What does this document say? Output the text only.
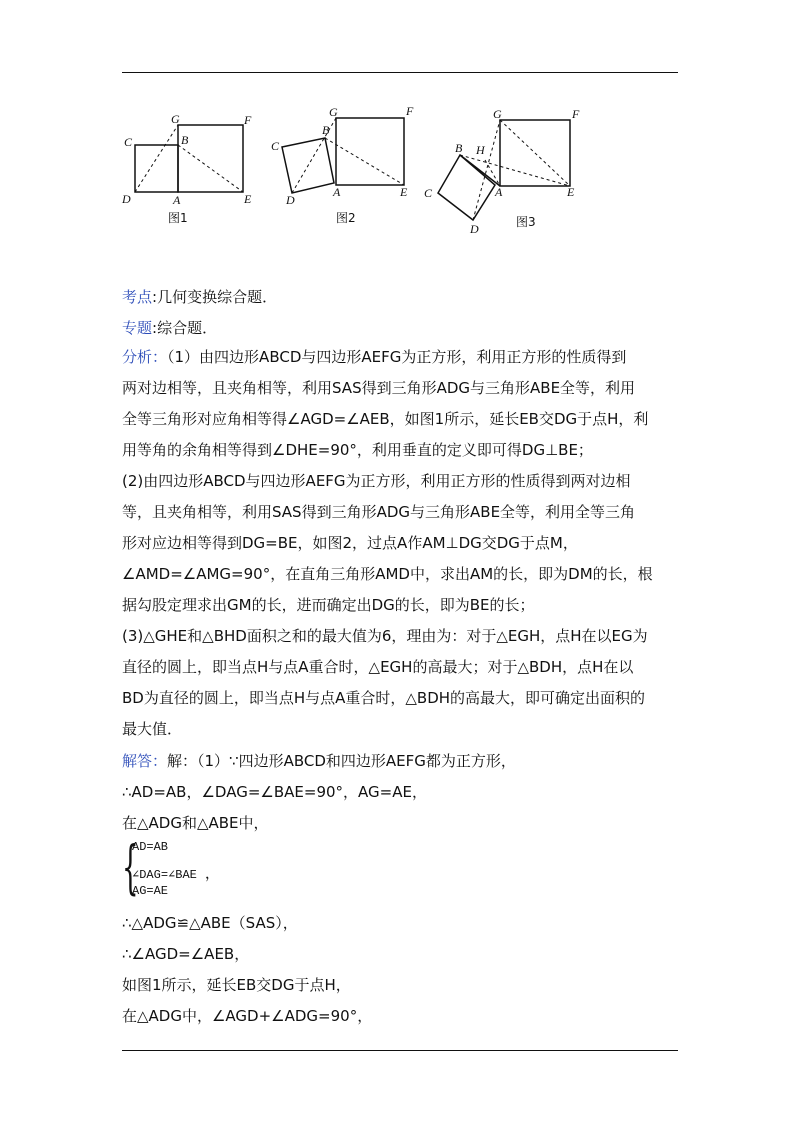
C
G
B
F
D	A	E
图1
G	F
B
C
A
D
E
图2
G	F
B H
C	A
D
E
图3
考点:几何变换综合题．
专题:综合题．
分析：（1）由四边形ABCD与四边形AEFG为正方形，利用正方形的性质得到
两对边相等，且夹角相等，利用SAS得到三角形ADG与三角形ABE全等，利用
全等三角形对应角相等得∠AGD=∠AEB，如图1所示，延长EB交DG于点H，利
用等角的余角相等得到∠DHE=90°，利用垂直的定义即可得DG⊥BE；
(2)由四边形ABCD与四边形AEFG为正方形，利用正方形的性质得到两对边相
等，且夹角相等，利用SAS得到三角形ADG与三角形ABE全等，利用全等三角
形对应边相等得到DG=BE，如图2，过点A作AM⊥DG交DG于点M，
∠AMD=∠AMG=90°，在直角三角形AMD中，求出AM的长，即为DM的长，根
据勾股定理求出GM的长，进而确定出DG的长，即为BE的长；
(3)△GHE和△BHD面积之和的最大值为6，理由为：对于△EGH，点H在以EG为
直径的圆上，即当点H与点A重合时，△EGH的高最大；对于△BDH，点H在以
BD为直径的圆上，即当点H与点A重合时，△BDH的高最大，即可确定出面积的
最大值．
解答：解：（1）∵四边形ABCD和四边形AEFG都为正方形，
∴AD=AB，∠DAG=∠BAE=90°，AG=AE，
在△ADG和△ABE中，
{
AD=AB
∠DAG=∠BAE ，
AG=AE
∴△ADG≌△ABE（SAS），
∴∠AGD=∠AEB，
如图1所示，延长EB交DG于点H，
在△ADG中，∠AGD+∠ADG=90°，
